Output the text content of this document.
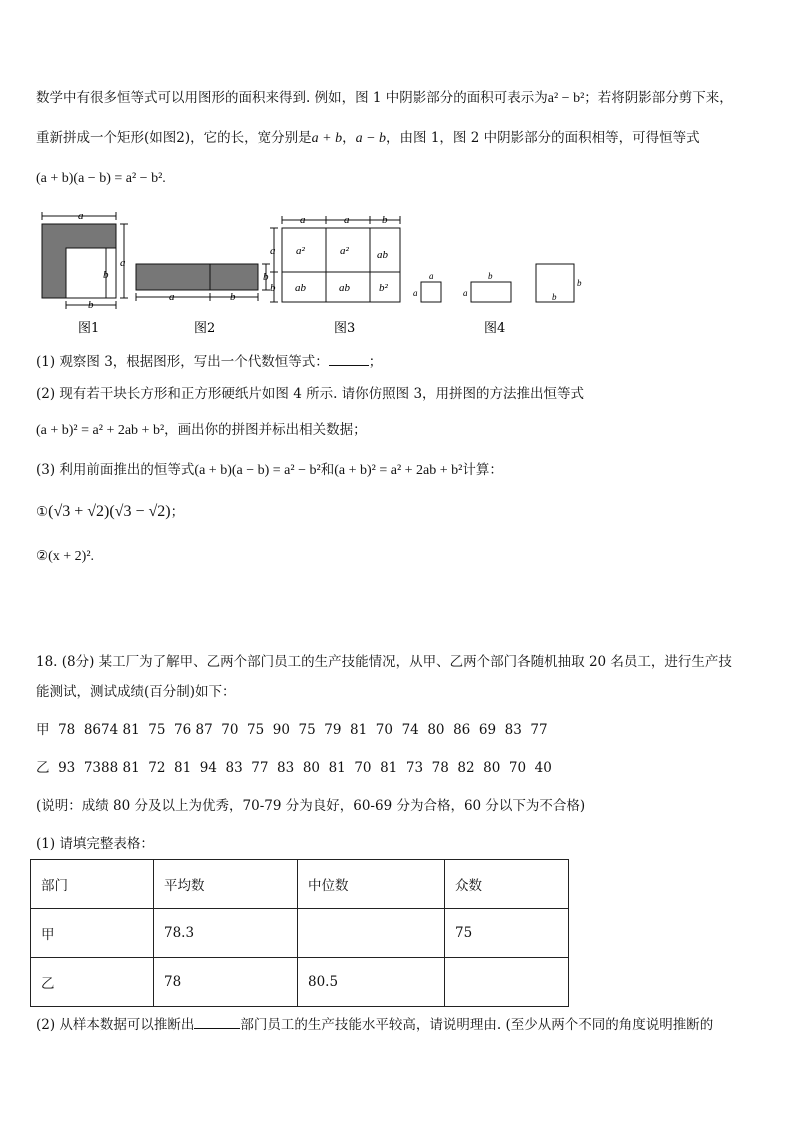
数学中有很多恒等式可以用图形的面积来得到. 例如，图 1 中阴影部分的面积可表示为a² − b²；若将阴影部分剪下来，
重新拼成一个矩形(如图2)，它的长，宽分别是a + b，a − b，由图 1，图 2 中阴影部分的面积相等，可得恒等式
(a + b)(a − b) = a² − b².
a
a
b
b
图1
a	b
b
图2
a	a	b
a
b
a²	a²	ab
ab	ab	b²
图3
a
a
a
b
b
b
图4
(1) 观察图 3，根据图形，写出一个代数恒等式：	；
(2) 现有若干块长方形和正方形硬纸片如图 4 所示. 请你仿照图 3，用拼图的方法推出恒等式
(a + b)² = a² + 2ab + b²，画出你的拼图并标出相关数据；
(3) 利用前面推出的恒等式(a + b)(a − b) = a² − b²和(a + b)² = a² + 2ab + b²计算：
①(√3 + √2)(√3 − √2)；
②(x + 2)².
18. (8分) 某工厂为了解甲、乙两个部门员工的生产技能情况，从甲、乙两个部门各随机抽取 20 名员工，进行生产技
能测试，测试成绩(百分制)如下：
甲  78  8674 81  75  76 87  70  75  90  75  79  81  70  74  80  86  69  83  77
乙  93  7388 81  72  81  94  83  77  83  80  81  70  81  73  78  82  80  70  40
(说明：成绩 80 分及以上为优秀，70-79 分为良好，60-69 分为合格，60 分以下为不合格)
(1) 请填完整表格：
部门	平均数	中位数	众数
甲	78.3		75
乙	78	80.5	
(2) 从样本数据可以推断出	部门员工的生产技能水平较高，请说明理由. (至少从两个不同的角度说明推断的
